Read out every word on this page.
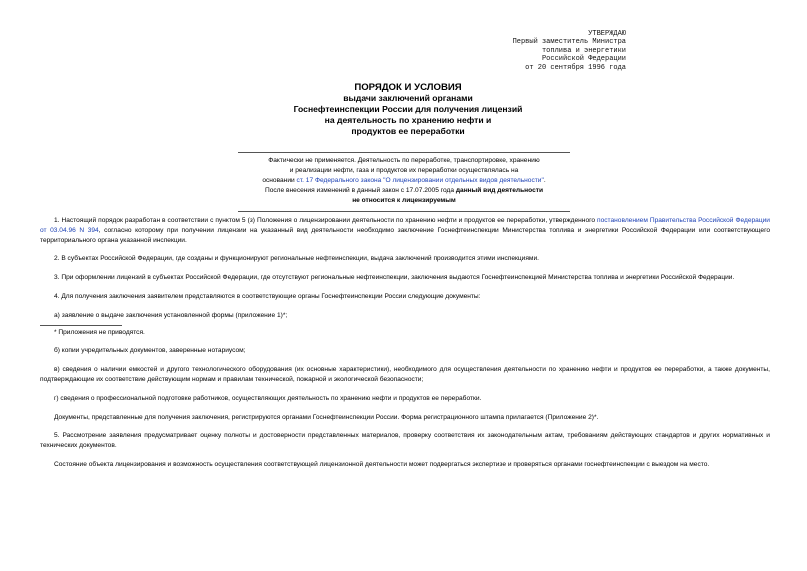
УТВЕРЖДАЮ
Первый заместитель Министра
топлива и энергетики
Российской Федерации
от 20 сентября 1996 года
ПОРЯДОК И УСЛОВИЯ
выдачи заключений органами
Госнефтеинспекции России для получения лицензий
на деятельность по хранению нефти и
продуктов ее переработки
Фактически не применяется. Деятельность по переработке, транспортировке, хранению
и реализации нефти, газа и продуктов их переработки осуществлялась на
основании ст. 17 Федерального закона "О лицензировании отдельных видов деятельности".
После внесения изменений в данный закон с 17.07.2005 года данный вид деятельности
не относится к лицензируемым

1. Настоящий порядок разработан в соответствии с пунктом 5 (з) Положения о лицензировании деятельности по хранению нефти и продуктов ее переработки, утвержденного постановлением Правительства Российской Федерации от 03.04.96 N 394, согласно которому при получении лицензии на указанный вид деятельности необходимо заключение Госнефтеинспекции Министерства топлива и энергетики Российской Федерации или соответствующего территориального органа указанной инспекции.

2. В субъектах Российской Федерации, где созданы и функционируют региональные нефтеинспекции, выдача заключений производится этими инспекциями.

3. При оформлении лицензий в субъектах Российской Федерации, где отсутствуют региональные нефтеинспекции, заключения выдаются Госнефтеинспекцией Министерства топлива и энергетики Российской Федерации.

4. Для получения заключения заявителем представляются в соответствующие органы Госнефтеинспекции России следующие документы:

а) заявление о выдаче заключения установленной формы (приложение 1)*;

* Приложения не приводятся.

б) копии учредительных документов, заверенные нотариусом;

в) сведения о наличии емкостей и другого технологического оборудования (их основные характеристики), необходимого для осуществления деятельности по хранению нефти и продуктов ее переработки, а также документы, подтверждающие их соответствие действующим нормам и правилам технической, пожарной и экологической безопасности;

г) сведения о профессиональной подготовке работников, осуществляющих деятельность по хранению нефти и продуктов ее переработки.

Документы, представленные для получения заключения, регистрируются органами Госнефтеинспекции России. Форма регистрационного штампа прилагается (Приложение 2)*.

5. Рассмотрение заявления предусматривает оценку полноты и достоверности представленных материалов, проверку соответствия их законодательным актам, требованиям действующих стандартов и других нормативных и технических документов.

Состояние объекта лицензирования и возможность осуществления соответствующей лицензионной деятельности может подвергаться экспертизе и проверяться органами госнефтеинспекции с выездом на место.
